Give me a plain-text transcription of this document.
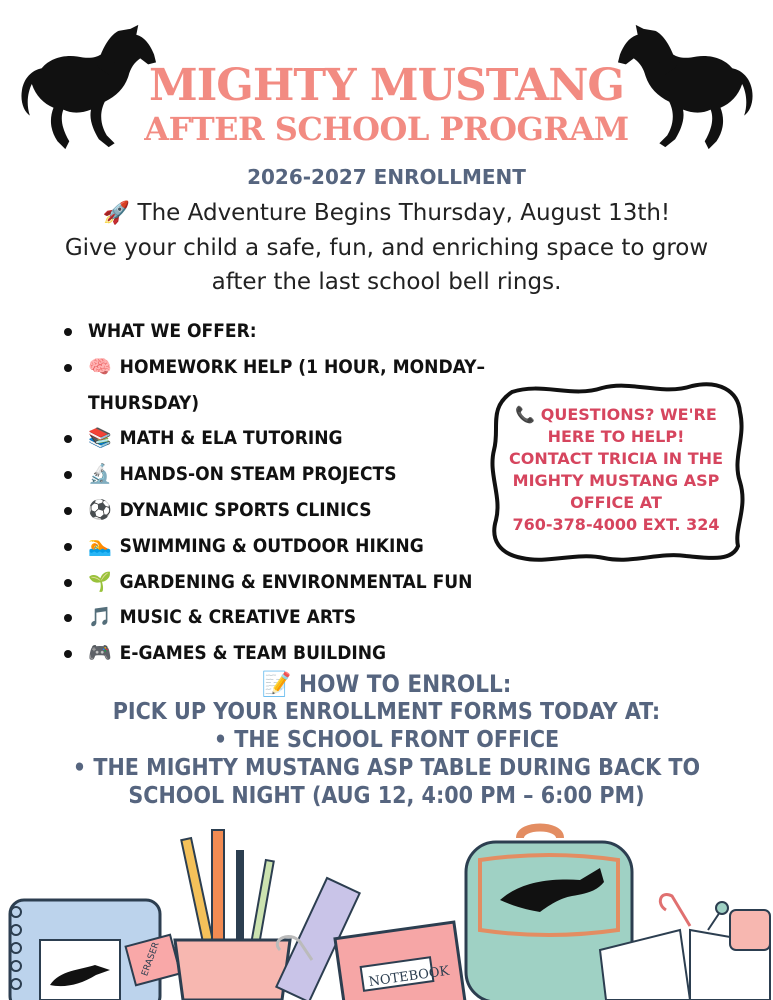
MIGHTY MUSTANG
AFTER SCHOOL PROGRAM
2026-2027 ENROLLMENT
🚀 The Adventure Begins Thursday, August 13th!
Give your child a safe, fun, and enriching space to grow
after the last school bell rings.
WHAT WE OFFER:
🧠 HOMEWORK HELP (1 HOUR, MONDAY–THURSDAY)
📚 MATH & ELA TUTORING
🔬 HANDS-ON STEAM PROJECTS
⚽ DYNAMIC SPORTS CLINICS
🏊 SWIMMING & OUTDOOR HIKING
🌱 GARDENING & ENVIRONMENTAL FUN
🎵 MUSIC & CREATIVE ARTS
🎮 E-GAMES & TEAM BUILDING
📞 QUESTIONS? WE'RE
HERE TO HELP!
CONTACT TRICIA IN THE
MIGHTY MUSTANG ASP
OFFICE AT
760-378-4000 EXT. 324
📝 HOW TO ENROLL:
PICK UP YOUR ENROLLMENT FORMS TODAY AT:
• THE SCHOOL FRONT OFFICE
• THE MIGHTY MUSTANG ASP TABLE DURING BACK TO
SCHOOL NIGHT (AUG 12, 4:00 PM – 6:00 PM)
ERASER	NOTEBOOK
